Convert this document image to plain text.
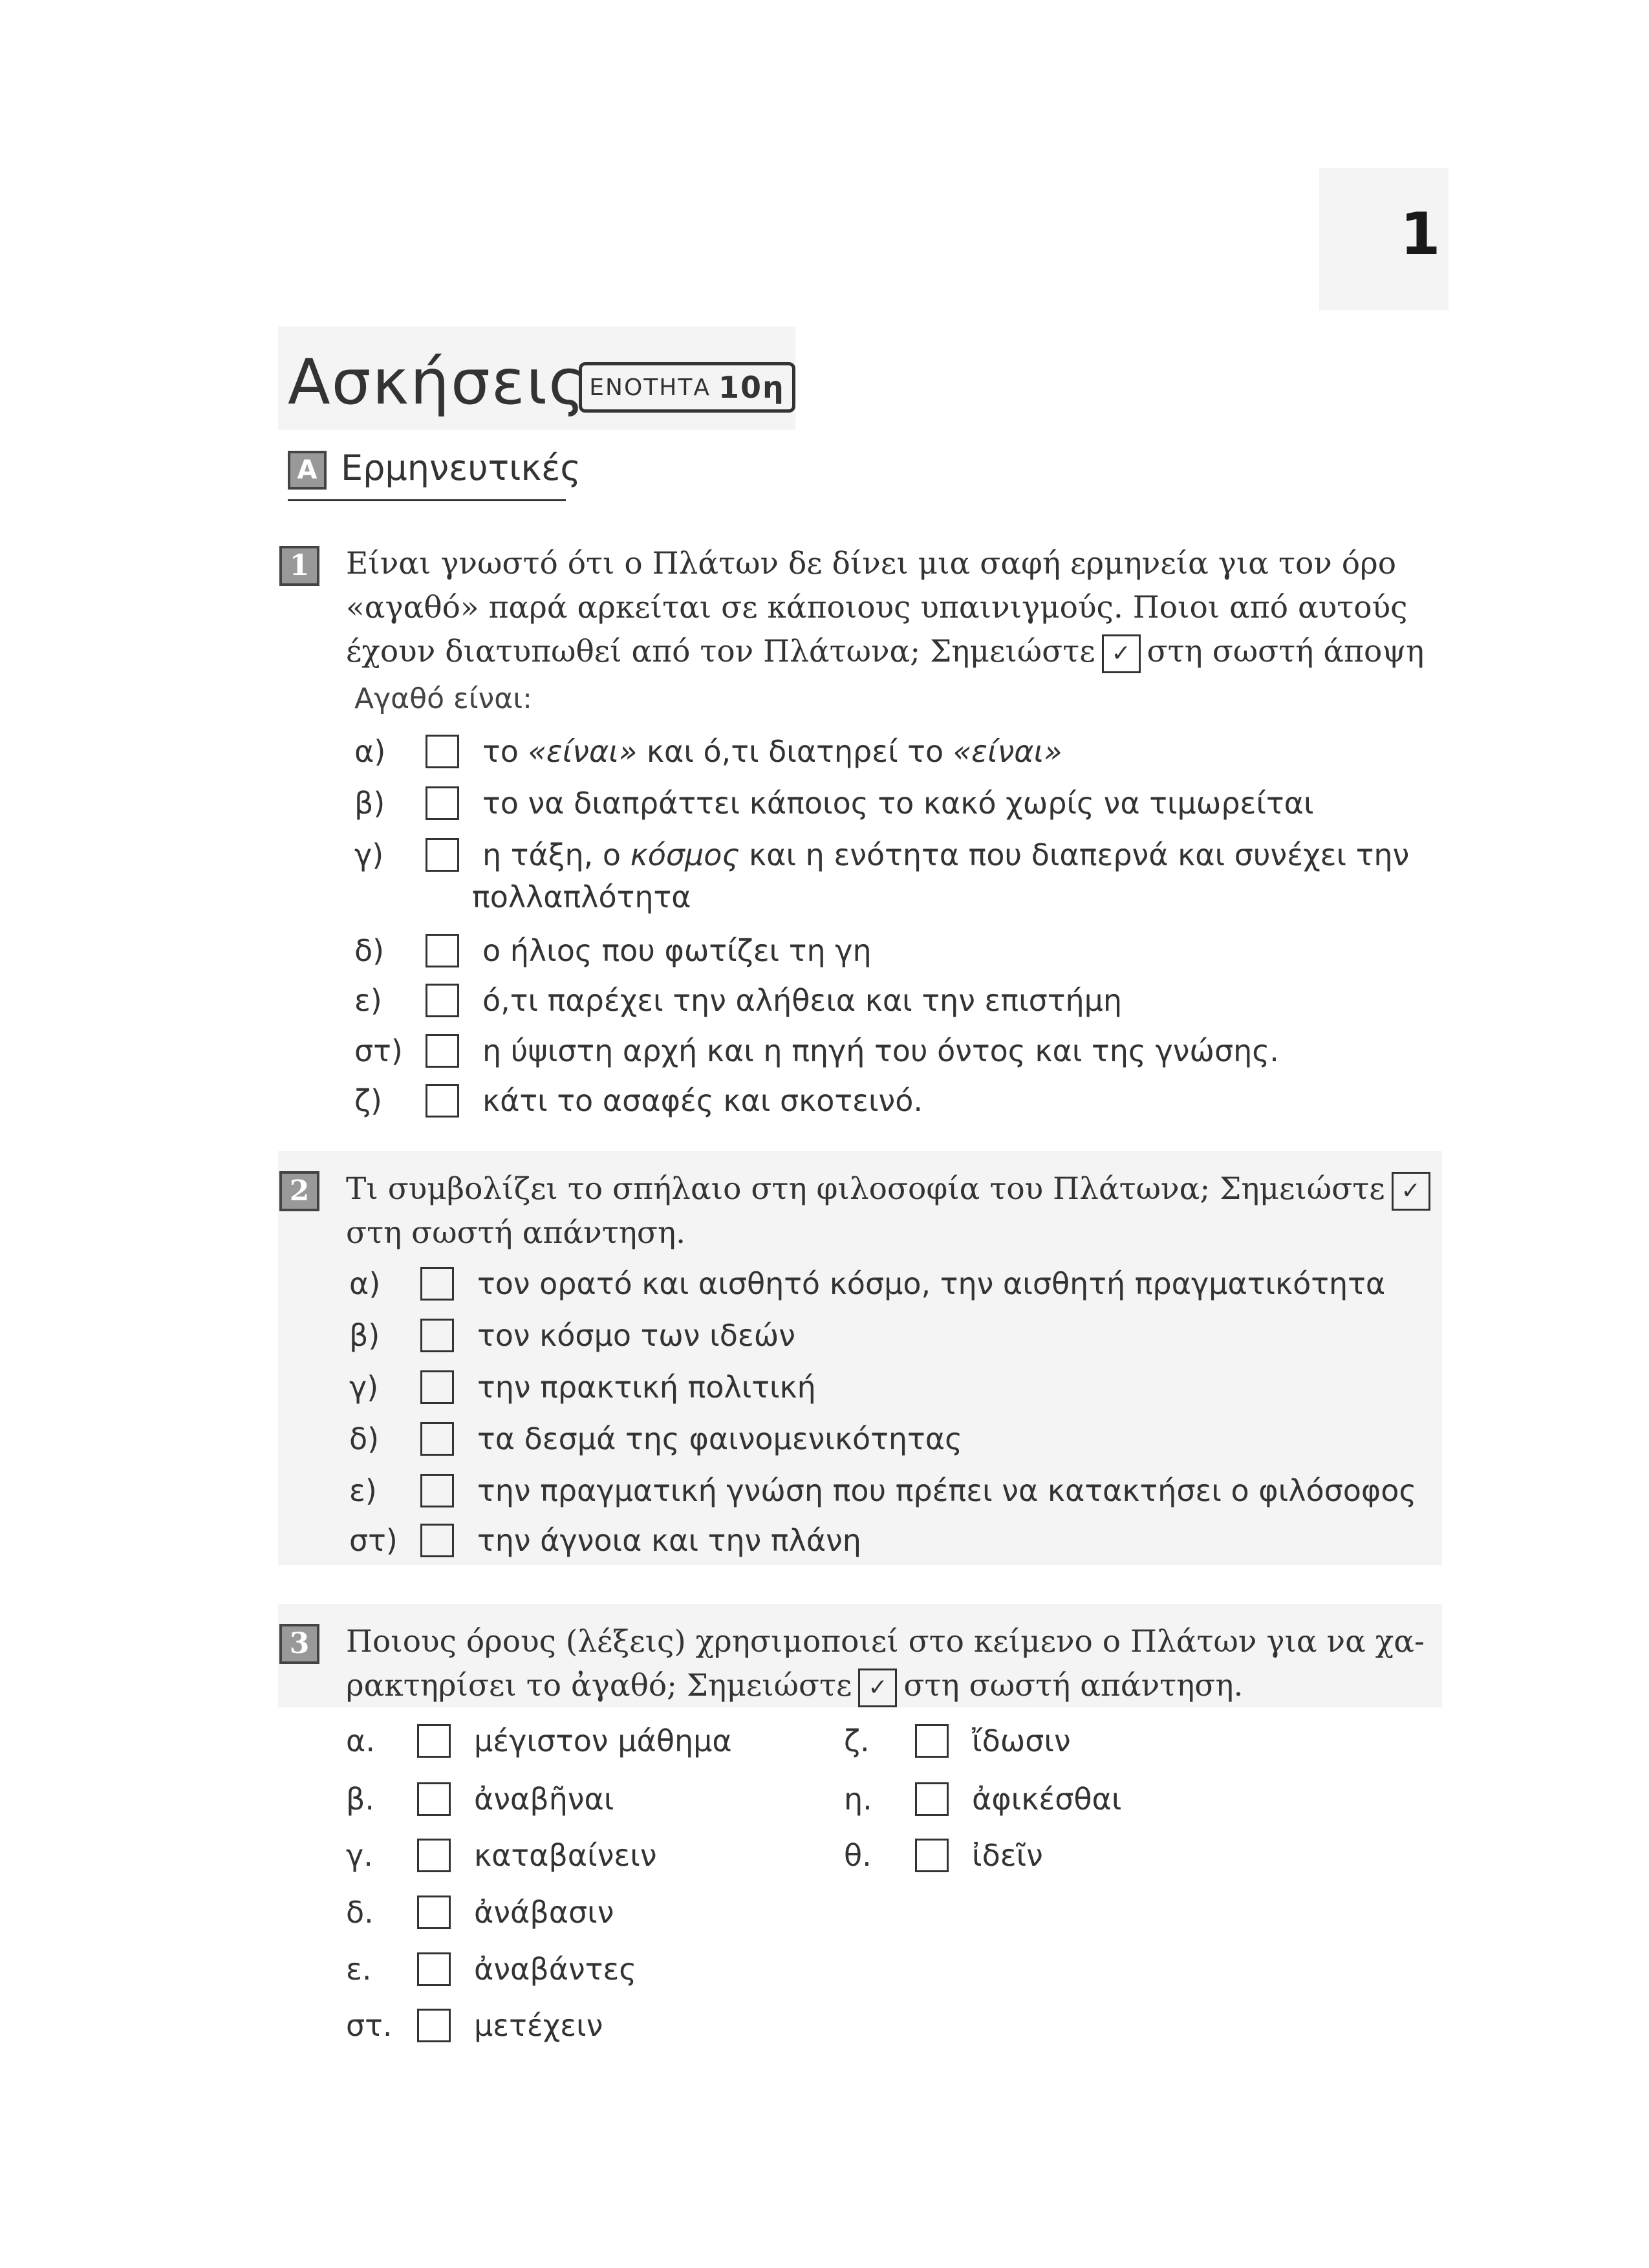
1
Ασκήσεις ΕΝΟΤΗΤΑ 10η
Α Ερμηνευτικές
1	Είναι γνωστό ότι ο Πλάτων δε δίνει μια σαφή ερμηνεία για τον όρο
«αγαθό» παρά αρκείται σε κάποιους υπαινιγμούς. Ποιοι από αυτούς
έχουν διατυπωθεί από τον Πλάτωνα; Σημειώστε ✓ στη σωστή άποψη
Αγαθό είναι:
α)	το «είναι» και ό,τι διατηρεί το «είναι»
β)	το να διαπράττει κάποιος το κακό χωρίς να τιμωρείται
γ)	η τάξη, ο κόσμος και η ενότητα που διαπερνά και συνέχει την
πολλαπλότητα
δ)	ο ήλιος που φωτίζει τη γη
ε)	ό,τι παρέχει την αλήθεια και την επιστήμη
στ)	η ύψιστη αρχή και η πηγή του όντος και της γνώσης.
ζ)	κάτι το ασαφές και σκοτεινό.
2	Τι συμβολίζει το σπήλαιο στη φιλοσοφία του Πλάτωνα; Σημειώστε ✓
στη σωστή απάντηση.
α)	τον ορατό και αισθητό κόσμο, την αισθητή πραγματικότητα
β)	τον κόσμο των ιδεών
γ)	την πρακτική πολιτική
δ)	τα δεσμά της φαινομενικότητας
ε)	την πραγματική γνώση που πρέπει να κατακτήσει ο φιλόσοφος
στ)	την άγνοια και την πλάνη
3	Ποιους όρους (λέξεις) χρησιμοποιεί στο κείμενο ο Πλάτων για να χα-
ρακτηρίσει το ἀγαθό; Σημειώστε ✓ στη σωστή απάντηση.
α.	μέγιστον μάθημα
β.	ἀναβῆναι
γ.	καταβαίνειν
δ.	ἀνάβασιν
ε.	ἀναβάντες
στ.	μετέχειν
ζ.	ἴδωσιν
η.	ἀφικέσθαι
θ.	ἰδεῖν
